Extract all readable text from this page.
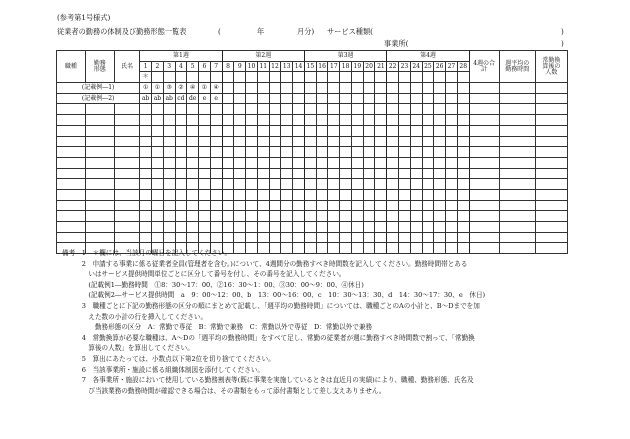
(参考第1号様式)
従業者の勤務の体制及び勤務形態一覧表	(	年	月分) サービス種類(	)
事業所(	)
職種	勤務
形態	氏名	第1週							第2週							第3週							第4週							4週の合
計	週平均の
勤務時間	常勤換
算後の
人数
			1	2	3	4	5	6	7	8	9	10	11	12	13	14	15	16	17	18	19	20	21	22	23	24	25	26	27	28			
			＊																														
(記載例―1)			①	①	③	②	④	①	④																								
(記載例―2)			ab	ab	ab	cd	de	e	e																								

備考　1　＊欄には、当該月の曜日を記入してください。
　　　2　申請する事業に係る従業者全員(管理者を含む。)について、4週間分の勤務すべき時間数を記入してください。勤務時間帯とある
　　　　いはサービス提供時間単位ごとに区分して番号を付し、その番号を記入してください。
　　　　(記載例1―勤務時間　①8：30～17：00、②16：30～1：00、③30：00～9：00、④休日)
　　　　(記載例2―サービス提供時間　a　9：00～12：00、b　13：00～16：00、c　10：30～13：30、d　14：30～17：30、e　休日)
　　　3　職種ごとに下記の勤務形態の区分の順にまとめて記載し、「週平均の勤務時間」については、職種ごとのAの小計と、B～Dまでを加
　　　　えた数の小計の行を挿入してください。
　　　　　勤務形態の区分　A：常勤で専従　B：常勤で兼務　C：常勤以外で専従　D：常勤以外で兼務
　　　4　常勤換算が必要な職種は、A～Dの「週平均の勤務時間」をすべて足し、常勤の従業者が週に勤務すべき時間数で割って、「常勤換
　　　　算後の人数」を算出してください。
　　　5　算出にあたっては、小数点以下第2位を切り捨ててください。
　　　6　当該事業所・施設に係る組織体制図を添付してください。
　　　7　各事業所・施設において使用している勤務割表等(既に事業を実施しているときは直近月の実績)により、職種、勤務形態、氏名及
　　　　び当該業務の勤務時間が確認できる場合は、その書類をもって添付書類として差し支えありません。
